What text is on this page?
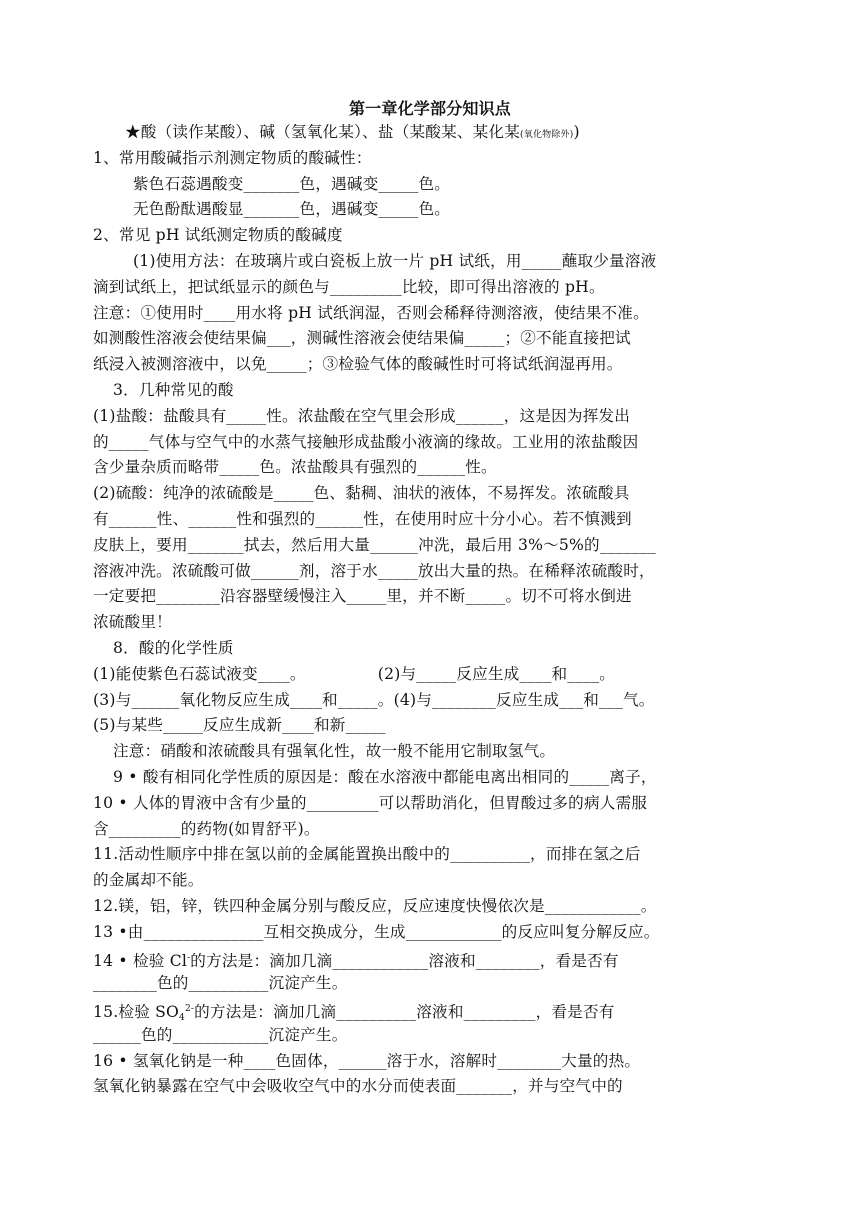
第一章化学部分知识点
★酸（读作某酸）、碱（氢氧化某）、盐（某酸某、某化某(氧化物除外))
1、常用酸碱指示剂测定物质的酸碱性：
紫色石蕊遇酸变_______色，遇碱变_____色。
无色酚酞遇酸显_______色，遇碱变_____色。
2、常见 pH 试纸测定物质的酸碱度
(1)使用方法：在玻璃片或白瓷板上放一片 pH 试纸，用_____蘸取少量溶液
滴到试纸上，把试纸显示的颜色与_________比较，即可得出溶液的 pH。
注意：①使用时____用水将 pH 试纸润湿，否则会稀释待测溶液，使结果不准。
如测酸性溶液会使结果偏___，测碱性溶液会使结果偏_____；②不能直接把试
纸浸入被测溶液中，以免_____；③检验气体的酸碱性时可将试纸润湿再用。
3．几种常见的酸
(1)盐酸：盐酸具有_____性。浓盐酸在空气里会形成______，这是因为挥发出
的_____气体与空气中的水蒸气接触形成盐酸小液滴的缘故。工业用的浓盐酸因
含少量杂质而略带_____色。浓盐酸具有强烈的______性。
(2)硫酸：纯净的浓硫酸是_____色、黏稠、油状的液体，不易挥发。浓硫酸具
有______性、______性和强烈的______性，在使用时应十分小心。若不慎溅到
皮肤上，要用_______拭去，然后用大量______冲洗，最后用 3%～5%的_______
溶液冲洗。浓硫酸可做______剂，溶于水_____放出大量的热。在稀释浓硫酸时，
一定要把________沿容器壁缓慢注入_____里，并不断_____。切不可将水倒进
浓硫酸里！
8．酸的化学性质
(1)能使紫色石蕊试液变____。              (2)与_____反应生成____和____。
(3)与______氧化物反应生成____和_____。(4)与________反应生成___和___气。
(5)与某些_____反应生成新____和新_____
注意：硝酸和浓硫酸具有强氧化性，故一般不能用它制取氢气。
9 • 酸有相同化学性质的原因是：酸在水溶液中都能电离出相同的_____离子，
10 • 人体的胃液中含有少量的_________可以帮助消化，但胃酸过多的病人需服
含_________的药物(如胃舒平)。
11.活动性顺序中排在氢以前的金属能置换出酸中的__________，而排在氢之后
的金属却不能。
12.镁，铝，锌，铁四种金属分别与酸反应，反应速度快慢依次是____________。
13 •由_______________互相交换成分，生成____________的反应叫复分解反应。
14 • 检验 Cl-的方法是：滴加几滴____________溶液和________，看是否有
________色的__________沉淀产生。
15.检验 $SO_4^{2-}$的方法是：滴加几滴__________溶液和_________，看是否有
______色的____________沉淀产生。
16 • 氢氧化钠是一种____色固体，______溶于水，溶解时________大量的热。
氢氧化钠暴露在空气中会吸收空气中的水分而使表面_______，并与空气中的
